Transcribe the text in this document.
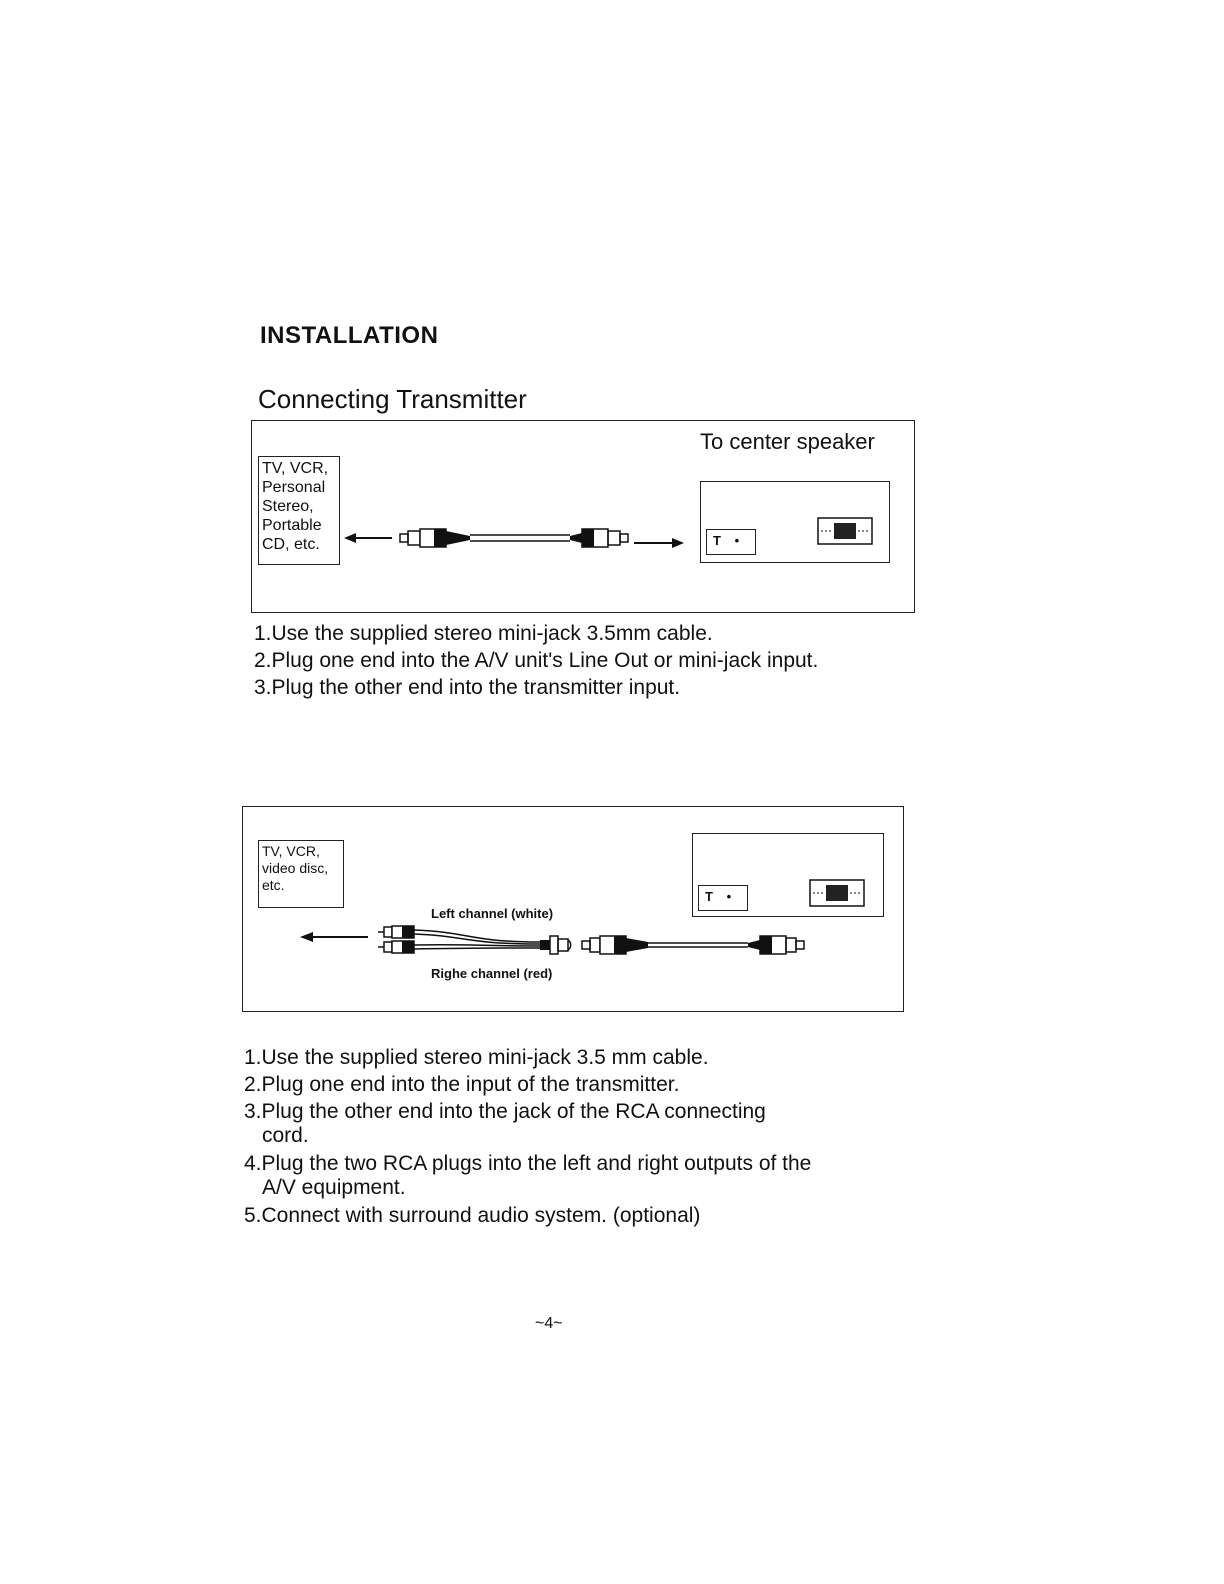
INSTALLATION
Connecting Transmitter
TV, VCR,
Personal
Stereo,
Portable
CD, etc.
To center speaker
T •
1.Use the supplied stereo mini-jack 3.5mm cable.
2.Plug one end into the A/V unit's Line Out or mini-jack input.
3.Plug the other end into the transmitter input.
TV, VCR,
video disc,
etc.
Left channel (white)
Righe channel (red)
T •
1.Use the supplied stereo mini-jack 3.5 mm cable.
2.Plug one end into the input of the transmitter.
3.Plug the other end into the jack of the RCA connecting
cord.
4.Plug the two RCA plugs into the left and right outputs of the
A/V equipment.
5.Connect with surround audio system. (optional)
~4~
